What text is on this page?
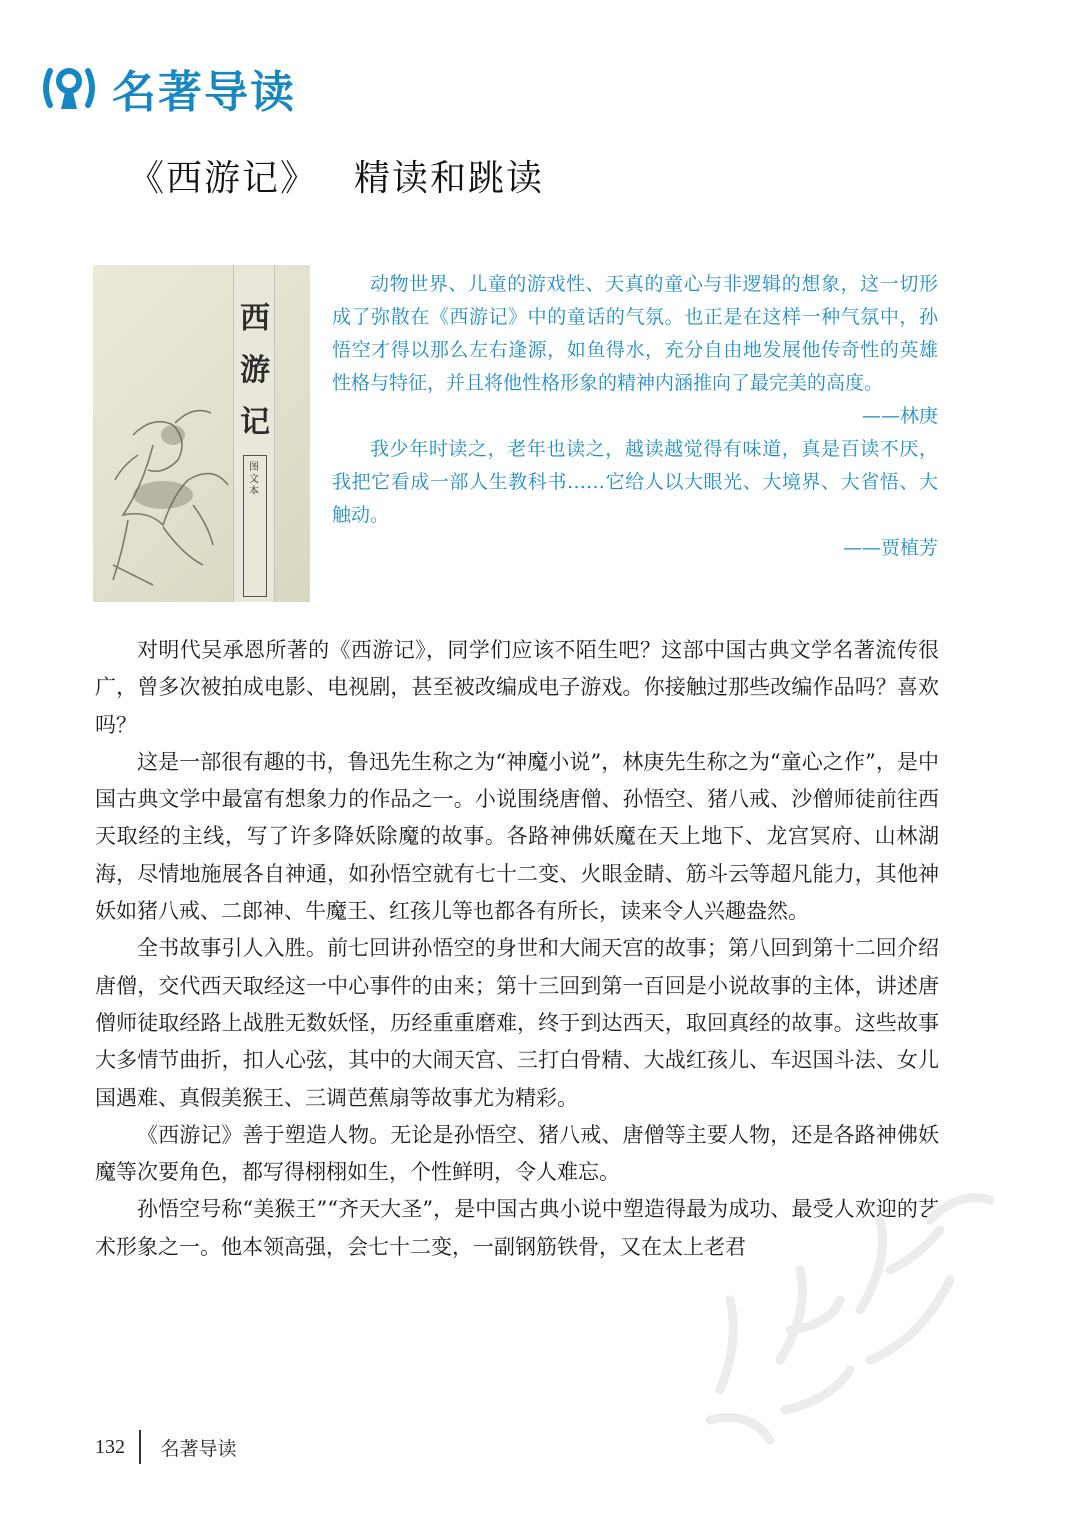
名著导读
《西游记》 精读和跳读
西
游
记
图文本

动物世界、儿童的游戏性、天真的童心与非逻辑的想象，这一切形成了弥散在《西游记》中的童话的气氛。也正是在这样一种气氛中，孙悟空才得以那么左右逢源，如鱼得水，充分自由地发展他传奇性的英雄性格与特征，并且将他性格形象的精神内涵推向了最完美的高度。

——林庚

我少年时读之，老年也读之，越读越觉得有味道，真是百读不厌，我把它看成一部人生教科书……它给人以大眼光、大境界、大省悟、大触动。

——贾植芳

对明代吴承恩所著的《西游记》，同学们应该不陌生吧？这部中国古典文学名著流传很广，曾多次被拍成电影、电视剧，甚至被改编成电子游戏。你接触过那些改编作品吗？喜欢吗？

这是一部很有趣的书，鲁迅先生称之为“神魔小说”，林庚先生称之为“童心之作”，是中国古典文学中最富有想象力的作品之一。小说围绕唐僧、孙悟空、猪八戒、沙僧师徒前往西天取经的主线，写了许多降妖除魔的故事。各路神佛妖魔在天上地下、龙宫冥府、山林湖海，尽情地施展各自神通，如孙悟空就有七十二变、火眼金睛、筋斗云等超凡能力，其他神妖如猪八戒、二郎神、牛魔王、红孩儿等也都各有所长，读来令人兴趣盎然。

全书故事引人入胜。前七回讲孙悟空的身世和大闹天宫的故事；第八回到第十二回介绍唐僧，交代西天取经这一中心事件的由来；第十三回到第一百回是小说故事的主体，讲述唐僧师徒取经路上战胜无数妖怪，历经重重磨难，终于到达西天，取回真经的故事。这些故事大多情节曲折，扣人心弦，其中的大闹天宫、三打白骨精、大战红孩儿、车迟国斗法、女儿国遇难、真假美猴王、三调芭蕉扇等故事尤为精彩。

《西游记》善于塑造人物。无论是孙悟空、猪八戒、唐僧等主要人物，还是各路神佛妖魔等次要角色，都写得栩栩如生，个性鲜明，令人难忘。

孙悟空号称“美猴王”“齐天大圣”，是中国古典小说中塑造得最为成功、最受人欢迎的艺术形象之一。他本领高强，会七十二变，一副钢筋铁骨，又在太上老君

132 名著导读
